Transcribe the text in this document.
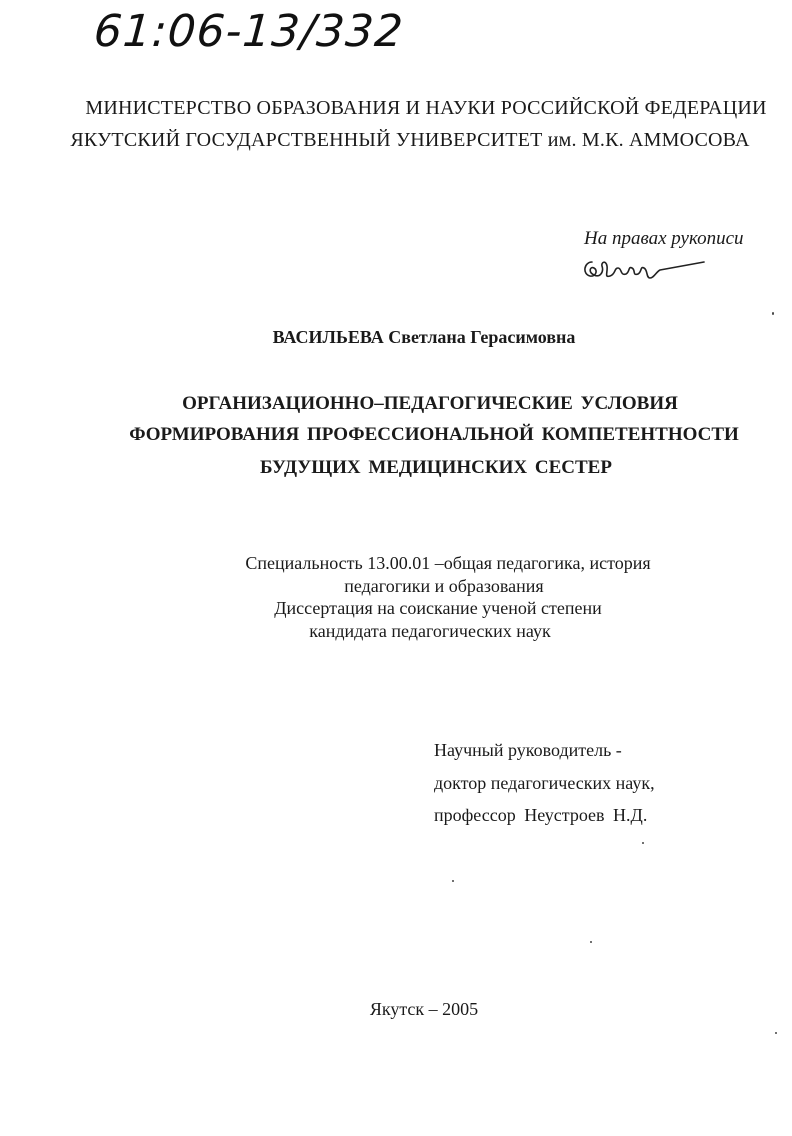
61:06-13/332
МИНИСТЕРСТВО ОБРАЗОВАНИЯ И НАУКИ РОССИЙСКОЙ ФЕДЕРАЦИИ
ЯКУТСКИЙ ГОСУДАРСТВЕННЫЙ УНИВЕРСИТЕТ им. М.К. АММОСОВА
На правах рукописи
ВАСИЛЬЕВА Светлана Герасимовна
ОРГАНИЗАЦИОННО–ПЕДАГОГИЧЕСКИЕ УСЛОВИЯ
ФОРМИРОВАНИЯ ПРОФЕССИОНАЛЬНОЙ КОМПЕТЕНТНОСТИ
БУДУЩИХ МЕДИЦИНСКИХ СЕСТЕР
Специальность 13.00.01 –общая педагогика, история
педагогики и образования
Диссертация на соискание ученой степени
кандидата педагогических наук
Научный руководитель -
доктор педагогических наук,
профессор Неустроев Н.Д.
Якутск – 2005
